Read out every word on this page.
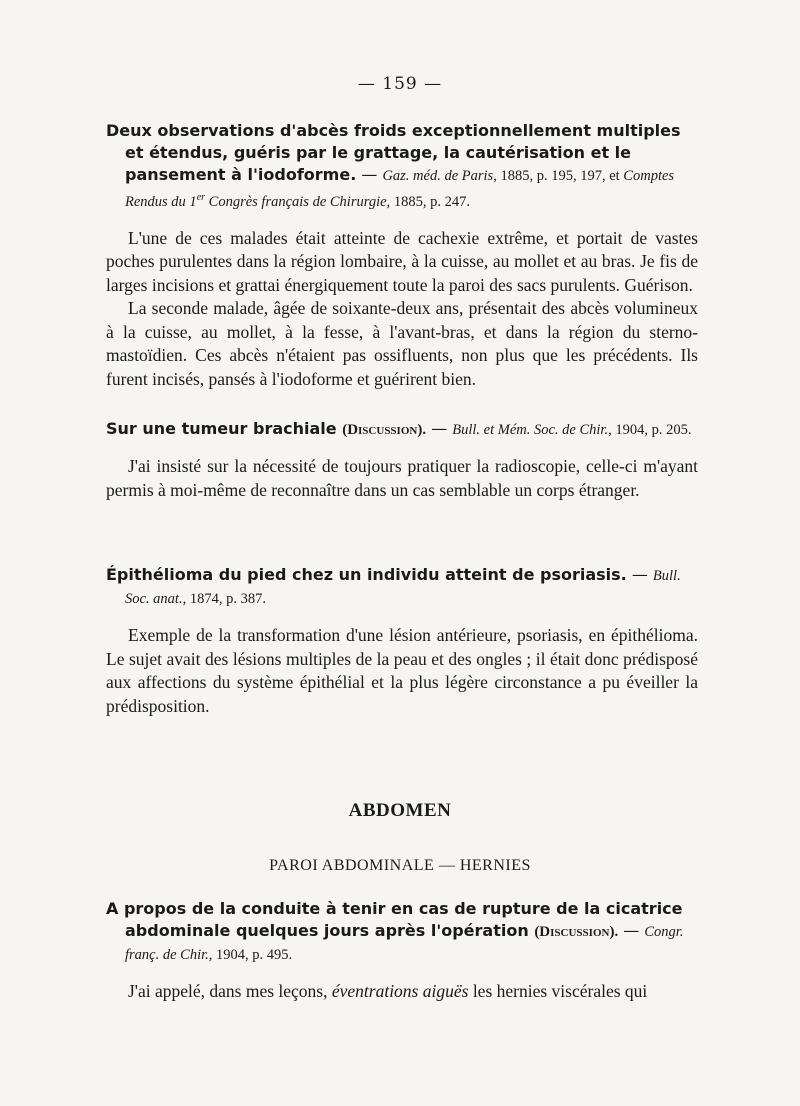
— 159 —

Deux observations d'abcès froids exceptionnellement multiples et étendus, guéris par le grattage, la cautérisation et le pansement à l'iodoforme. — Gaz. méd. de Paris, 1885, p. 195, 197, et Comptes Rendus du 1er Congrès français de Chirurgie, 1885, p. 247.

L'une de ces malades était atteinte de cachexie extrême, et portait de vastes poches purulentes dans la région lombaire, à la cuisse, au mollet et au bras. Je fis de larges incisions et grattai énergiquement toute la paroi des sacs purulents. Guérison.

La seconde malade, âgée de soixante-deux ans, présentait des abcès volumineux à la cuisse, au mollet, à la fesse, à l'avant-bras, et dans la région du sterno-mastoïdien. Ces abcès n'étaient pas ossifluents, non plus que les précédents. Ils furent incisés, pansés à l'iodoforme et guérirent bien.

Sur une tumeur brachiale (Discussion). — Bull. et Mém. Soc. de Chir., 1904, p. 205.

J'ai insisté sur la nécessité de toujours pratiquer la radioscopie, celle-ci m'ayant permis à moi-même de reconnaître dans un cas semblable un corps étranger.

Épithélioma du pied chez un individu atteint de psoriasis. — Bull. Soc. anat., 1874, p. 387.

Exemple de la transformation d'une lésion antérieure, psoriasis, en épithélioma. Le sujet avait des lésions multiples de la peau et des ongles ; il était donc prédisposé aux affections du système épithélial et la plus légère circonstance a pu éveiller la prédisposition.

ABDOMEN
PAROI ABDOMINALE — HERNIES

A propos de la conduite à tenir en cas de rupture de la cicatrice abdominale quelques jours après l'opération (Discussion). — Congr. franç. de Chir., 1904, p. 495.

J'ai appelé, dans mes leçons, éventrations aiguës les hernies viscérales qui
